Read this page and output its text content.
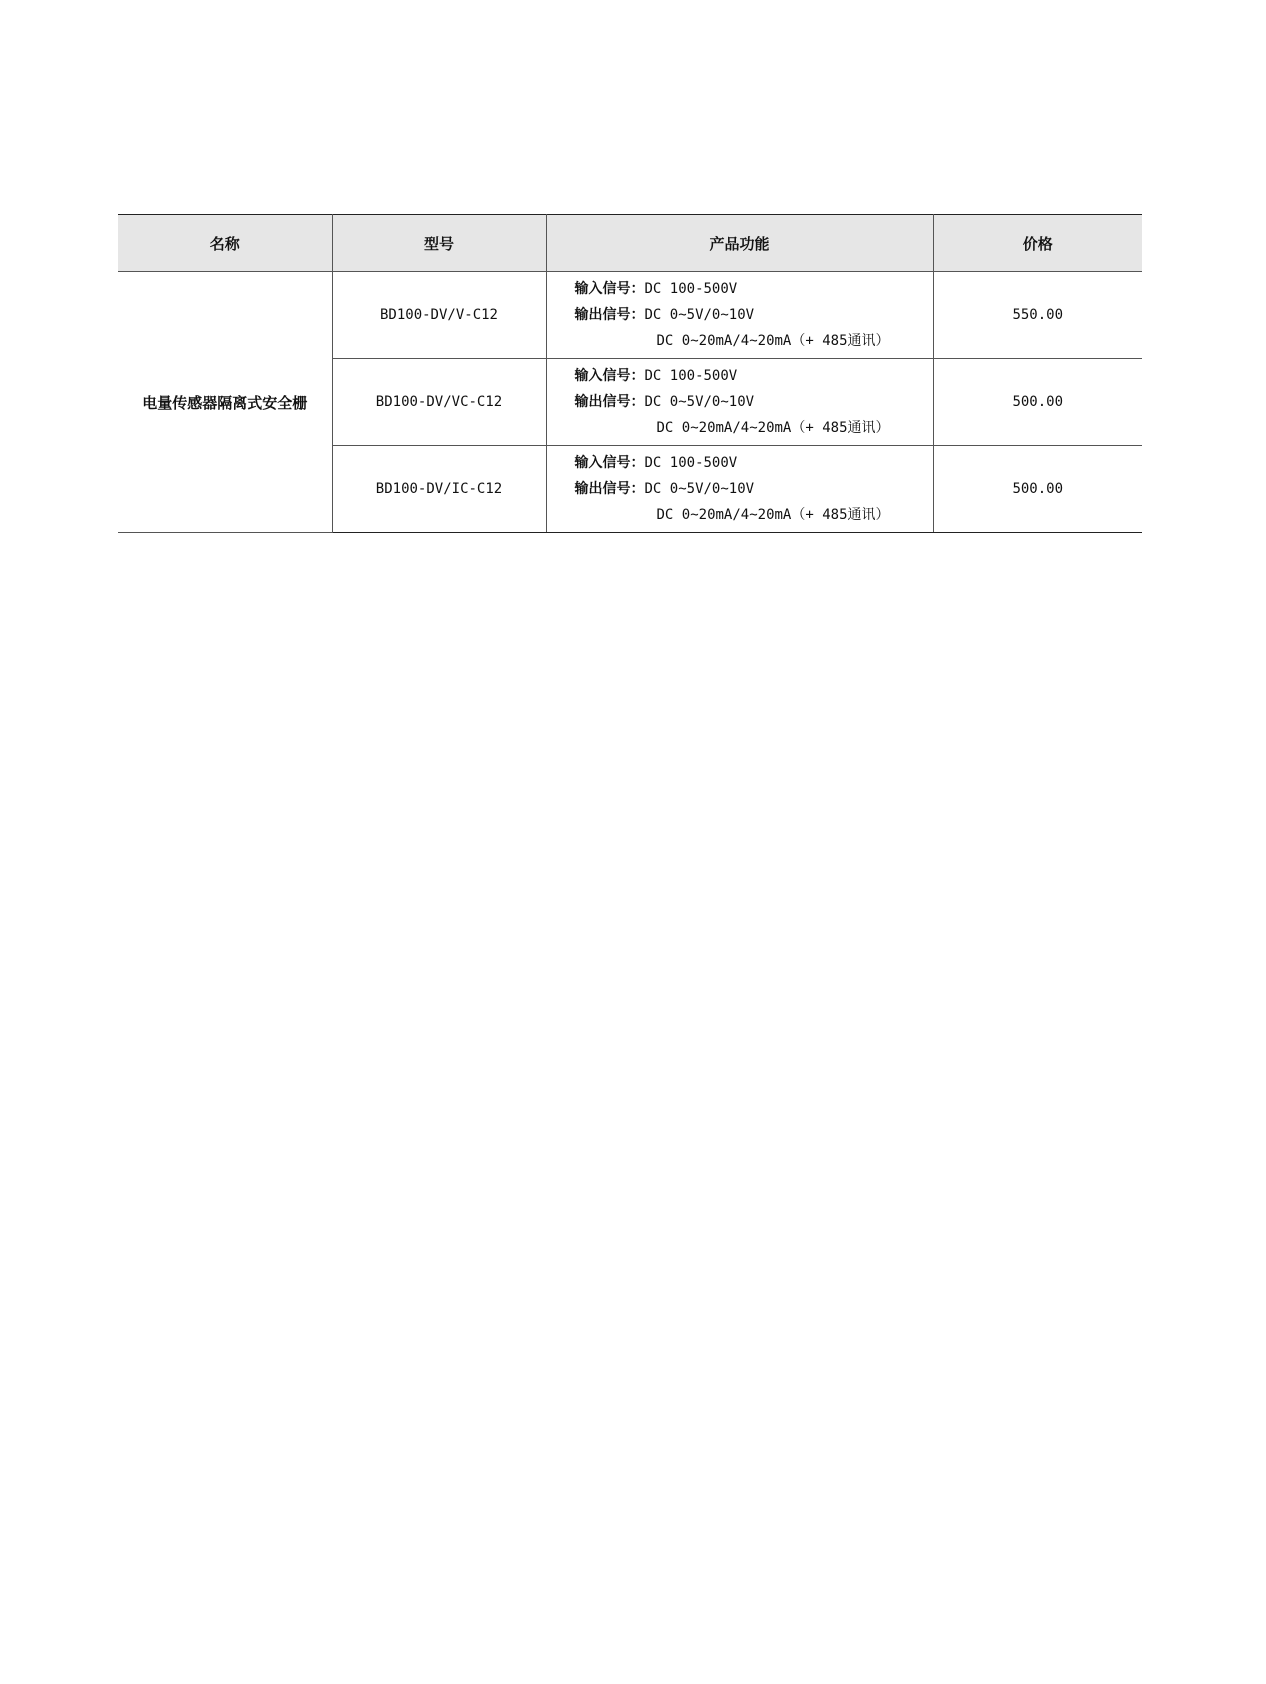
名称	型号	产品功能	价格
电量传感器隔离式安全栅	BD100-DV/V-C12	输入信号：DC 100-500V
输出信号：DC 0~5V/0~10V
DC 0~20mA/4~20mA（+ 485通讯）	550.00
	BD100-DV/VC-C12	输入信号：DC 100-500V
输出信号：DC 0~5V/0~10V
DC 0~20mA/4~20mA（+ 485通讯）	500.00
	BD100-DV/IC-C12	输入信号：DC 100-500V
输出信号：DC 0~5V/0~10V
DC 0~20mA/4~20mA（+ 485通讯）	500.00
